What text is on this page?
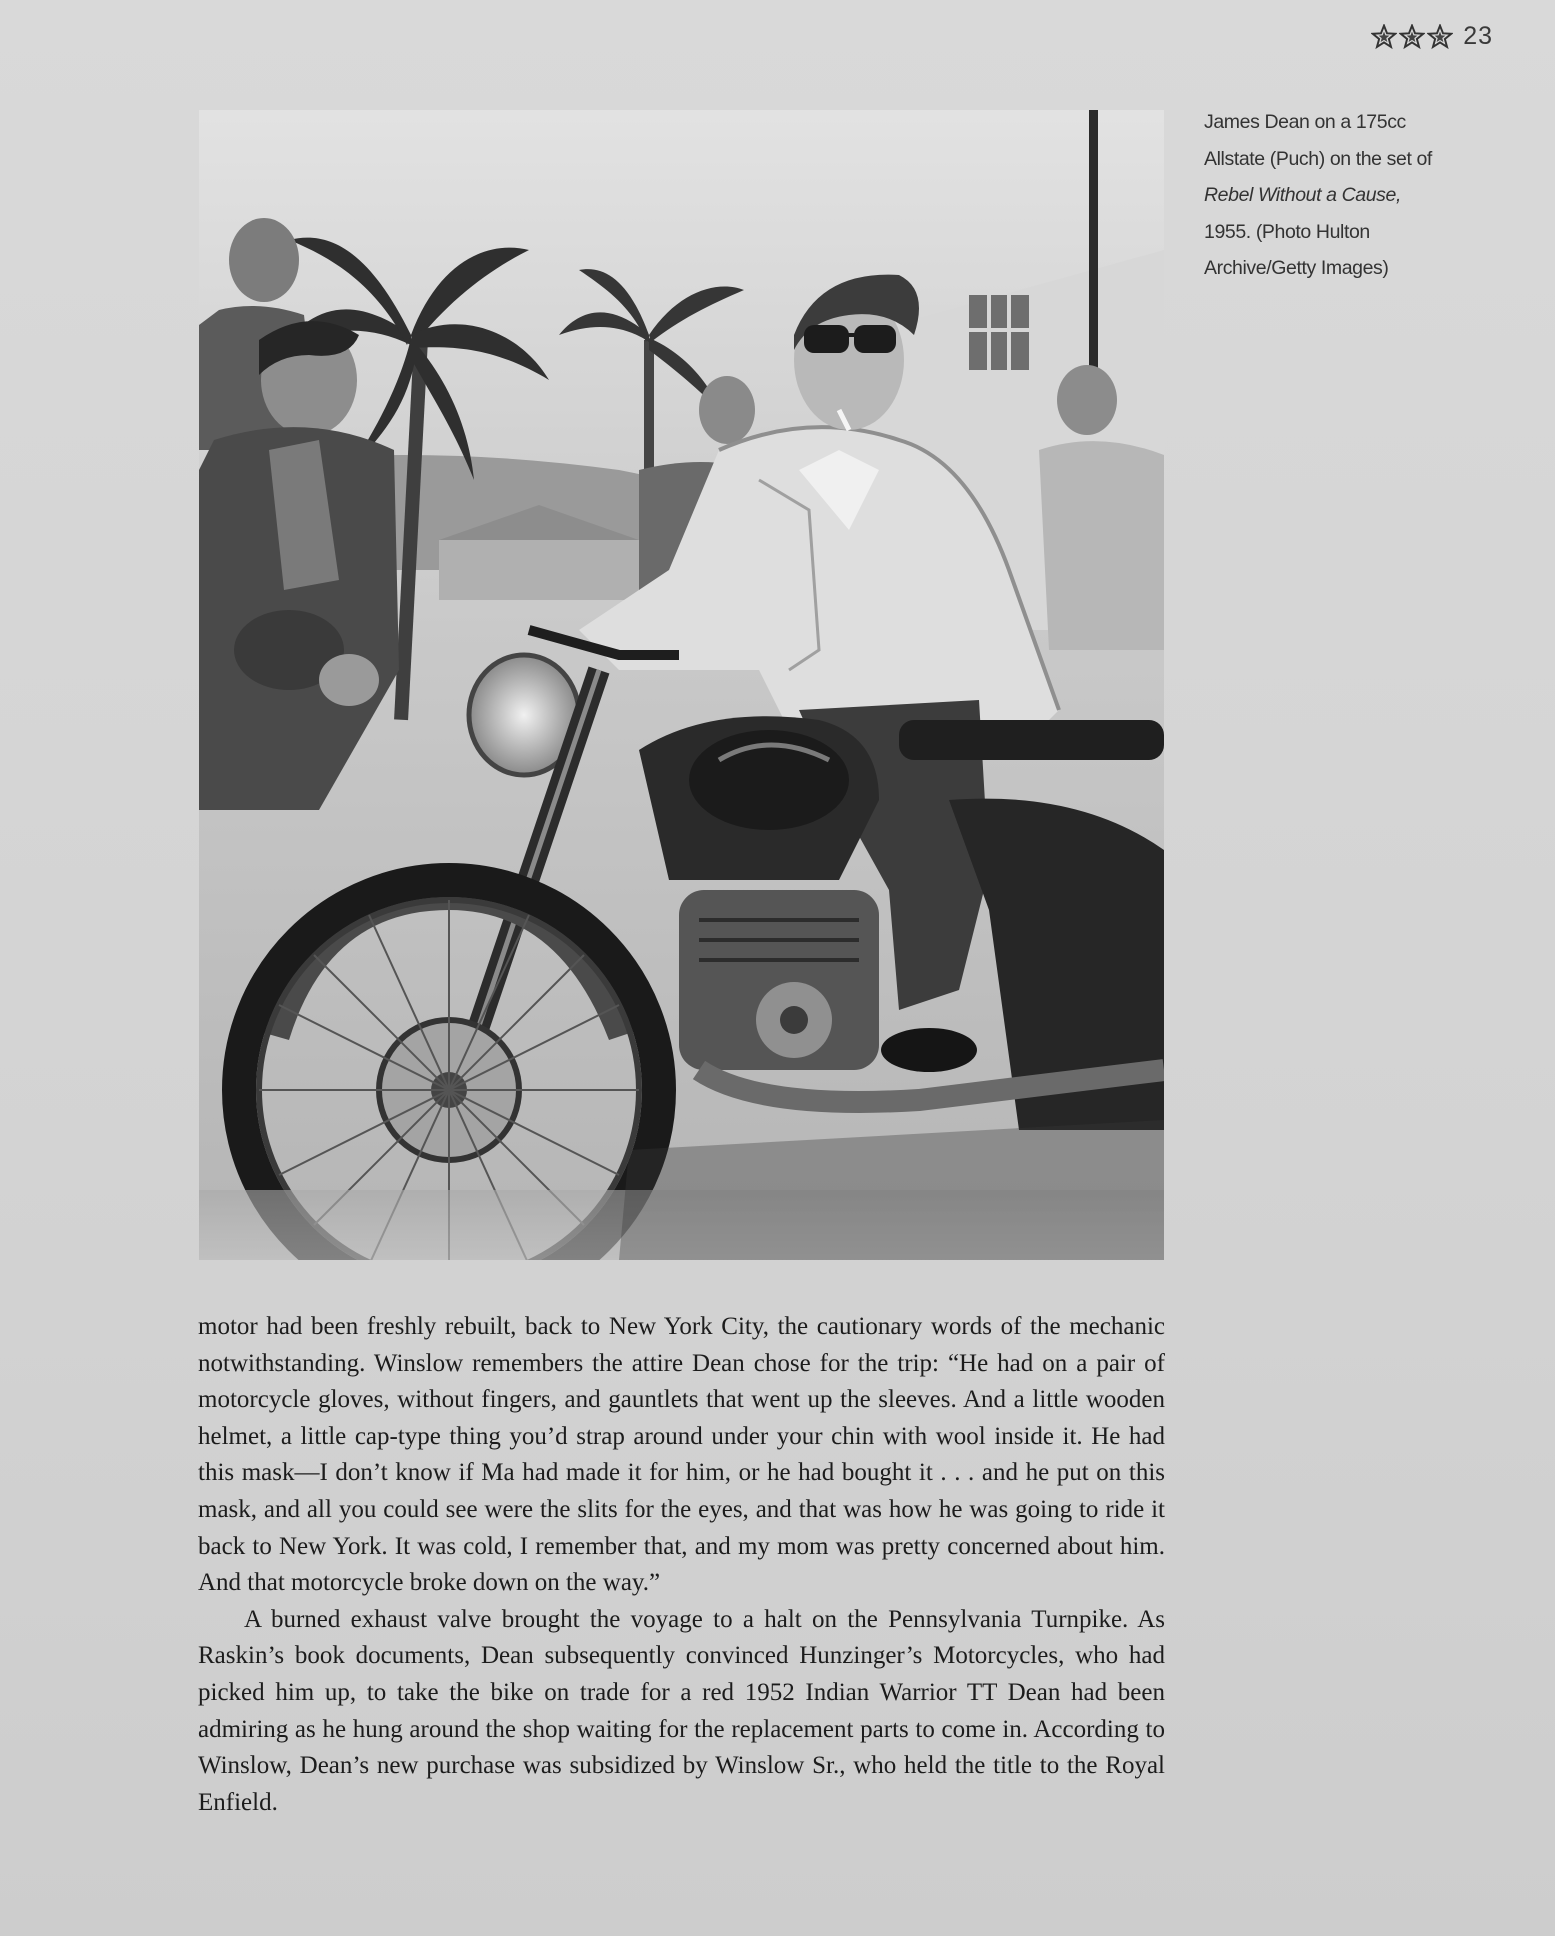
23
James Dean on a 175cc Allstate (Puch) on the set of Rebel Without a Cause, 1955. (Photo Hulton Archive/Getty Images)

motor had been freshly rebuilt, back to New York City, the cautionary words of the mechanic notwithstanding. Winslow remembers the attire Dean chose for the trip: “He had on a pair of motorcycle gloves, without fingers, and gauntlets that went up the sleeves. And a little wooden helmet, a little cap-type thing you’d strap around under your chin with wool inside it. He had this mask—I don’t know if Ma had made it for him, or he had bought it . . . and he put on this mask, and all you could see were the slits for the eyes, and that was how he was going to ride it back to New York. It was cold, I remember that, and my mom was pretty concerned about him. And that motorcycle broke down on the way.”

A burned exhaust valve brought the voyage to a halt on the Pennsylvania Turnpike. As Raskin’s book documents, Dean subsequently convinced Hunzinger’s Motorcycles, who had picked him up, to take the bike on trade for a red 1952 Indian Warrior TT Dean had been admiring as he hung around the shop waiting for the replacement parts to come in. According to Winslow, Dean’s new purchase was subsidized by Winslow Sr., who held the title to the Royal Enfield.
